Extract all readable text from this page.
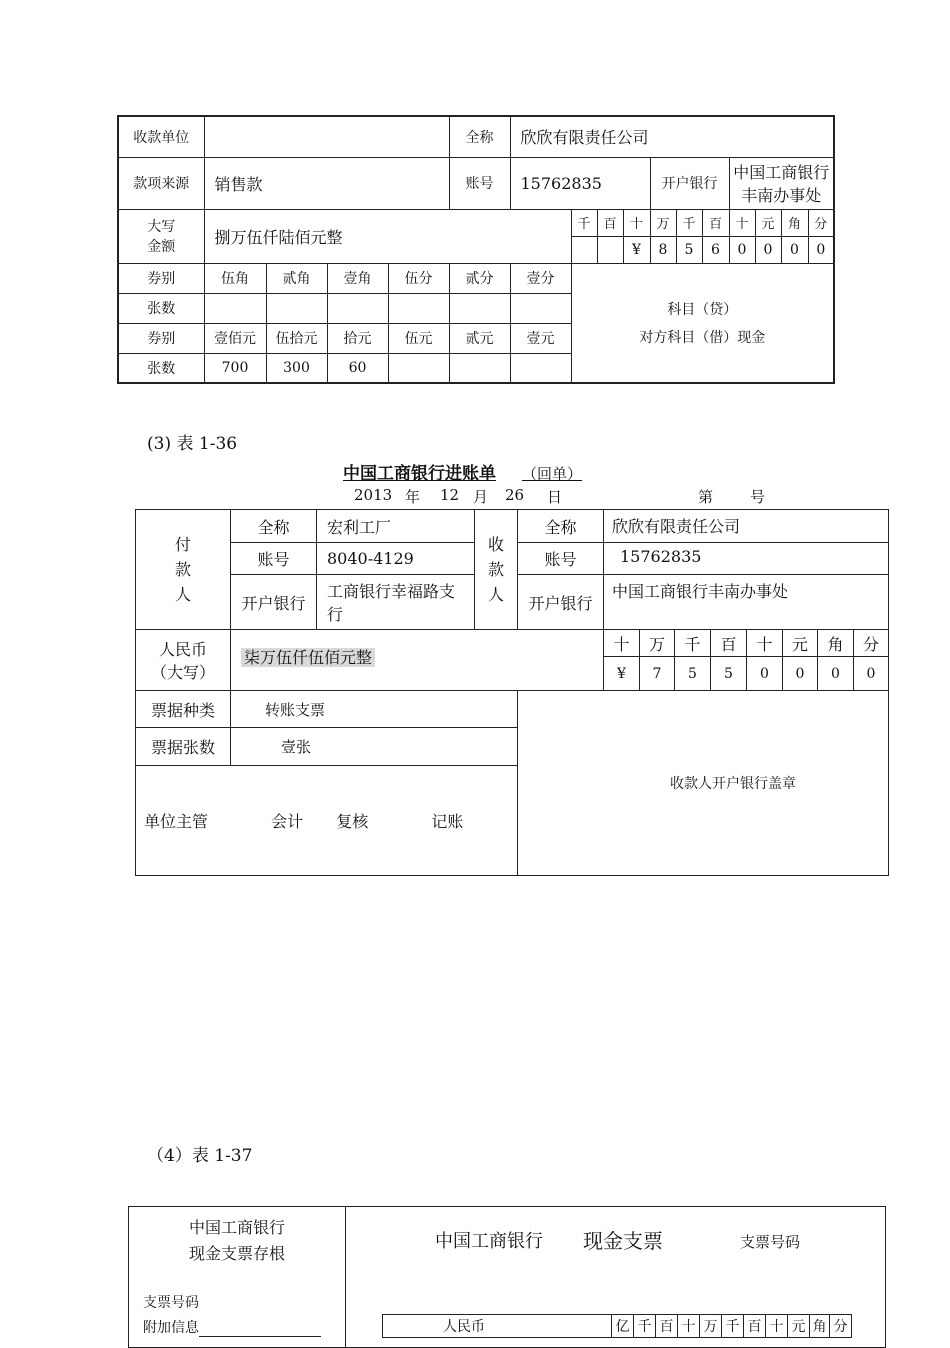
收款单位					全称	欣欣有限责任公司										
款项来源	销售款				账号	15762835				开户银行			中国工商银行丰南办事处			

大写
金额	捌万伍仟陆佰元整						千	百	十	万	千	百	十	元	角	分
									¥	8	5	6	0	0	0	0
券别	伍角	贰角	壹角	伍分	贰分	壹分	科目（贷）
对方科目（借）现金									

张数																
券别	壹佰元	伍拾元	拾元	伍元	贰元	壹元										
张数	700	300	60													
(3) 表 1-36
中国工商银行进账单 （回单）
2013 年 12 月 26 日	第 号
付款人	全称	宏利工厂	收款人	全称	欣欣有限责任公司							
	账号	8040-4129		账号	15762835							
	开户银行	工商银行幸福路支行		开户银行	中国工商银行丰南办事处							

人民币
（大写）	柒万伍仟伍佰元整				十	万	千	百	十	元	角	分
					¥	7	5	5	0	0	0	0
票据种类	转账支票			收款人开户银行盖章								

票据张数	壹张											
单位主管 会计 复核 记账												
（4）表 1-37
中国工商银行
现金支票存根
支票号码
附加信息
中国工商银行 现金支票	支票号码
人民币	亿	千	百	十	万	千	百	十	元	角	分
